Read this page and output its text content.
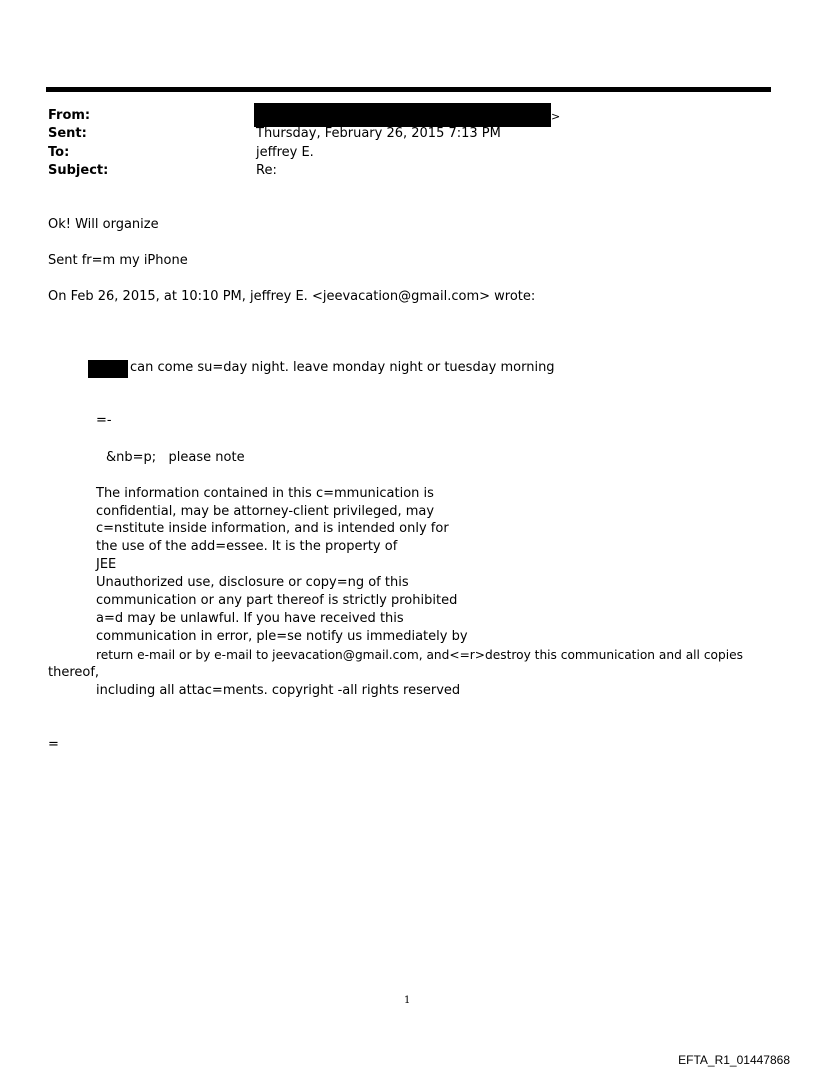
From:	>
Sent:	Thursday, February 26, 2015 7:13 PM
To:	jeffrey E.
Subject:	Re:
Ok! Will organize
Sent fr=m my iPhone
On Feb 26, 2015, at 10:10 PM, jeffrey E. <jeevacation@gmail.com> wrote:
can come su=day night. leave monday night or tuesday morning
=-
&nb=p;   please note
The information contained in this c=mmunication is
confidential, may be attorney-client privileged, may
c=nstitute inside information, and is intended only for
the use of the add=essee. It is the property of
JEE
Unauthorized use, disclosure or copy=ng of this
communication or any part thereof is strictly prohibited
a=d may be unlawful. If you have received this
communication in error, ple=se notify us immediately by
return e-mail or by e-mail to jeevacation@gmail.com, and<=r>destroy this communication and all copies
thereof,
including all attac=ments. copyright -all rights reserved
=
1
EFTA_R1_01447868
